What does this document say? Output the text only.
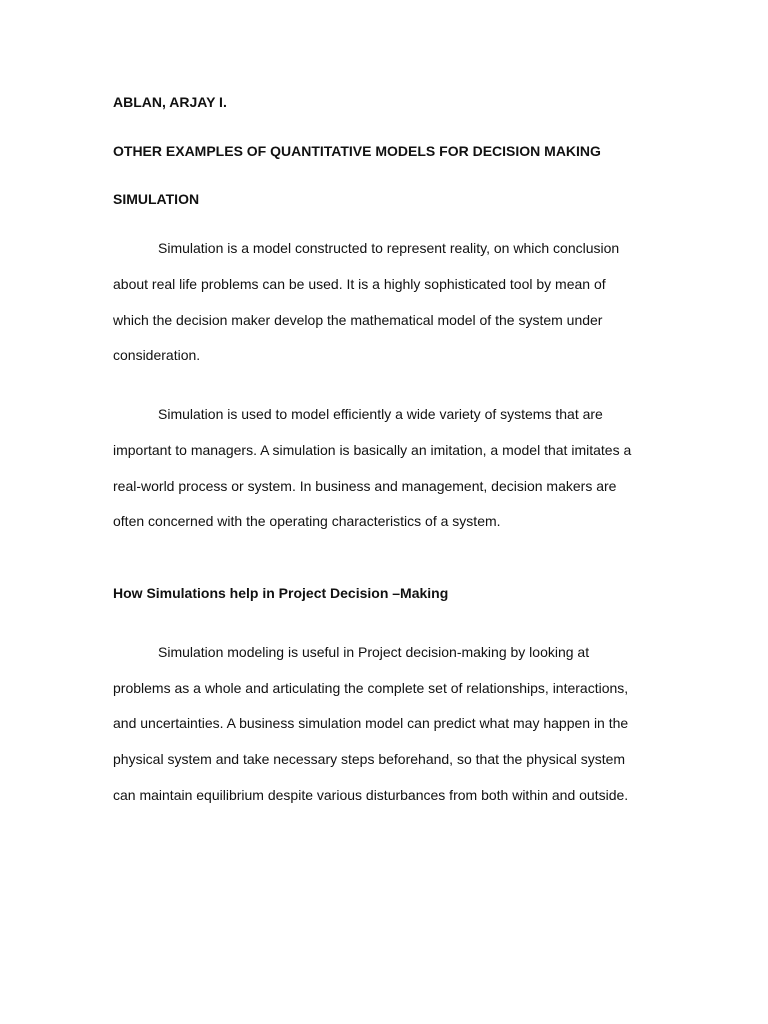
ABLAN, ARJAY I.

OTHER EXAMPLES OF QUANTITATIVE MODELS FOR DECISION MAKING

SIMULATION

Simulation is a model constructed to represent reality, on which conclusion

about real life problems can be used. It is a highly sophisticated tool by mean of

which the decision maker develop the mathematical model of the system under

consideration.

Simulation is used to model efficiently a wide variety of systems that are

important to managers. A simulation is basically an imitation, a model that imitates a

real-world process or system. In business and management, decision makers are

often concerned with the operating characteristics of a system.

How Simulations help in Project Decision –Making

Simulation modeling is useful in Project decision-making by looking at

problems as a whole and articulating the complete set of relationships, interactions,

and uncertainties. A business simulation model can predict what may happen in the

physical system and take necessary steps beforehand, so that the physical system

can maintain equilibrium despite various disturbances from both within and outside.
